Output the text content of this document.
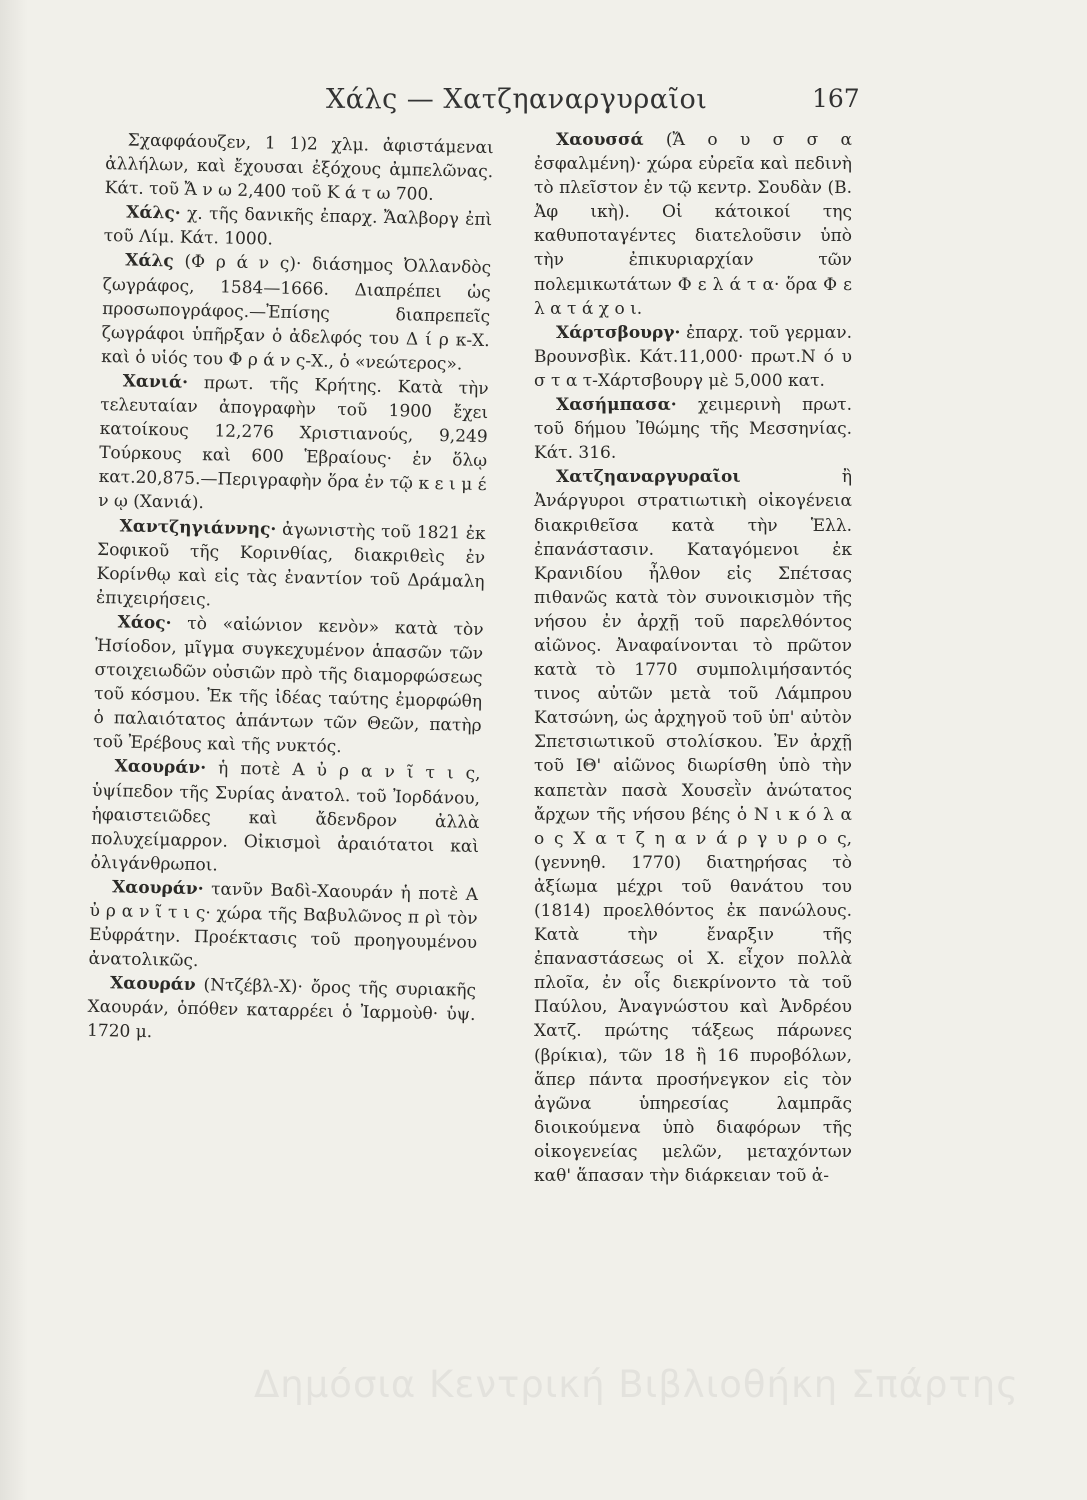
Χάλς — Χατζηαναργυραῖοι	167

Σχαφφάουζεν, 1 1)2 χλμ. ἀφιστάμεναι ἀλλήλων, καὶ ἔχουσαι ἐξόχους ἀμπελῶνας. Κάτ. τοῦ Ἄ ν ω 2,400 τοῦ Κ ά τ ω 700.

Χάλς· χ. τῆς δανικῆς ἐπαρχ. Ἄαλβοργ ἐπὶ τοῦ Λίμ. Κάτ. 1000.

Χάλς (Φ ρ ά ν ς)· διάσημος Ὀλλανδὸς ζωγράφος, 1584—1666. Διαπρέπει ὡς προσωπογράφος.—Ἐπίσης διαπρεπεῖς ζωγράφοι ὑπῆρξαν ὁ ἀδελφός του Δ ί ρ κ-Χ. καὶ ὁ υἱός του Φ ρ ά ν ς-Χ., ὁ «νεώτερος».

Χανιά· πρωτ. τῆς Κρήτης. Κατὰ τὴν τελευταίαν ἀπογραφὴν τοῦ 1900 ἔχει κατοίκους 12,276 Χριστιανούς, 9,249 Τούρκους καὶ 600 Ἑβραίους· ἐν ὅλῳ κατ.20,875.—Περιγραφὴν ὅρα ἐν τῷ κ ε ι μ έ ν ῳ (Χανιά).

Χαντζηγιάννης· ἀγωνιστὴς τοῦ 1821 ἐκ Σοφικοῦ τῆς Κορινθίας, διακριθεὶς ἐν Κορίνθῳ καὶ εἰς τὰς ἐναντίον τοῦ Δράμαλη ἐπιχειρήσεις.

Χάος· τὸ «αἰώνιον κενὸν» κατὰ τὸν Ἡσίοδον, μῖγμα συγκεχυμένον ἁπασῶν τῶν στοιχειωδῶν οὐσιῶν πρὸ τῆς διαμορφώσεως τοῦ κόσμου. Ἐκ τῆς ἰδέας ταύτης ἐμορφώθη ὁ παλαιότατος ἁπάντων τῶν Θεῶν, πατὴρ τοῦ Ἐρέβους καὶ τῆς νυκτός.

Χαουράν· ἡ ποτὲ Α ὐ ρ α ν ῖ τ ι ς, ὑψίπεδον τῆς Συρίας ἀνατολ. τοῦ Ἰορδάνου, ἡφαιστειῶδες καὶ ἄδενδρον ἀλλὰ πολυχείμαρρον. Οἰκισμοὶ ἀραιότατοι καὶ ὀλιγάνθρωποι.

Χαουράν· τανῦν Βαδὶ-Χαουράν ἡ ποτὲ Α ὐ ρ α ν ῖ τ ι ς· χώρα τῆς Βαβυλῶνος π ρὶ τὸν Εὐφράτην. Προέκτασις τοῦ προηγουμένου ἀνατολικῶς.

Χαουράν (Ντζέβλ-Χ)· ὄρος τῆς συριακῆς Χαουράν, ὁπόθεν καταρρέει ὁ Ἰαρμοὺθ· ὑψ. 1720 μ.

Χαουσσά (Ἄ ο υ σ σ α ἐσφαλμένη)· χώρα εὐρεῖα καὶ πεδινὴ τὸ πλεῖστον ἐν τῷ κεντρ. Σουδὰν (Β. Ἀφ ικὴ). Οἱ κάτοικοί της καθυποταγέντες διατελοῦσιν ὑπὸ τὴν ἐπικυριαρχίαν τῶν πολεμικωτάτων Φ ε λ ά τ α· ὅρα Φ ε λ α τ ά χ ο ι.

Χάρτσβουργ· ἐπαρχ. τοῦ γερμαν. Βρουνσβὶκ. Κάτ.11,000· πρωτ.Ν ό υ σ τ α τ-Χάρτσβουργ μὲ 5,000 κατ.

Χασήμπασα· χειμερινὴ πρωτ. τοῦ δήμου Ἰθώμης τῆς Μεσσηνίας. Κάτ. 316.

Χατζηαναργυραῖοι	ἢ Ἀνάργυροι στρατιωτικὴ οἰκογένεια διακριθεῖσα κατὰ τὴν Ἑλλ. ἐπανάστασιν. Καταγόμενοι ἐκ Κρανιδίου ἦλθον εἰς Σπέτσας πιθανῶς κατὰ τὸν συνοικισμὸν τῆς νήσου ἐν ἀρχῇ τοῦ παρελθόντος αἰῶνος. Ἀναφαίνονται τὸ πρῶτον κατὰ τὸ 1770 συμπολιμήσαντός τινος αὐτῶν μετὰ τοῦ Λάμπρου Κατσώνη, ὡς ἀρχηγοῦ τοῦ ὑπ' αὐτὸν Σπετσιωτικοῦ στολίσκου. Ἐν ἀρχῇ τοῦ ΙΘ' αἰῶνος διωρίσθη ὑπὸ τὴν καπετὰν πασὰ Χουσεῒν ἀνώτατος ἄρχων τῆς νήσου βέης ὁ Ν ι κ ό λ α ο ς Χ α τ ζ η α ν ά ρ γ υ ρ ο ς, (γεννηθ. 1770) διατηρήσας τὸ ἀξίωμα μέχρι τοῦ θανάτου του (1814) προελθόντος ἐκ πανώλους. Κατὰ τὴν ἔναρξιν τῆς ἐπαναστάσεως οἱ Χ. εἶχον πολλὰ πλοῖα, ἐν οἷς διεκρίνοντο τὰ τοῦ Παύλου, Ἀναγνώστου καὶ Ἀνδρέου Χατζ. πρώτης τάξεως πάρωνες (βρίκια), τῶν 18 ἢ 16 πυροβόλων, ἅπερ πάντα προσήνεγκον εἰς τὸν ἀγῶνα ὑπηρεσίας λαμπρᾶς διοικούμενα ὑπὸ διαφόρων τῆς οἰκογενείας μελῶν, μεταχόντων καθ' ἅπασαν τὴν διάρκειαν τοῦ ἀ-

Δημόσια Κεντρική Βιβλιοθήκη Σπάρτης
